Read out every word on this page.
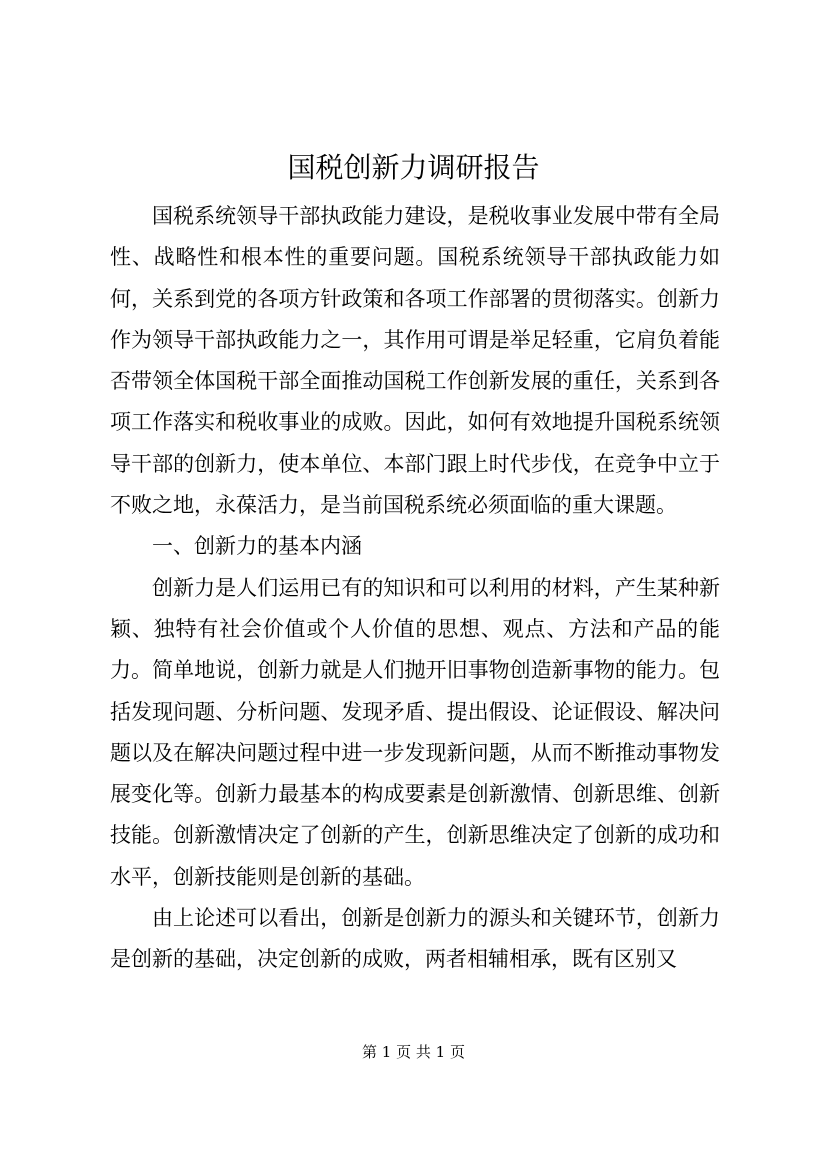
国税创新力调研报告

国税系统领导干部执政能力建设，是税收事业发展中带有全局性、战略性和根本性的重要问题。国税系统领导干部执政能力如何，关系到党的各项方针政策和各项工作部署的贯彻落实。创新力作为领导干部执政能力之一，其作用可谓是举足轻重，它肩负着能否带领全体国税干部全面推动国税工作创新发展的重任，关系到各项工作落实和税收事业的成败。因此，如何有效地提升国税系统领导干部的创新力，使本单位、本部门跟上时代步伐，在竞争中立于不败之地，永葆活力，是当前国税系统必须面临的重大课题。

一、创新力的基本内涵

创新力是人们运用已有的知识和可以利用的材料，产生某种新颖、独特有社会价值或个人价值的思想、观点、方法和产品的能力。简单地说，创新力就是人们抛开旧事物创造新事物的能力。包括发现问题、分析问题、发现矛盾、提出假设、论证假设、解决问题以及在解决问题过程中进一步发现新问题，从而不断推动事物发展变化等。创新力最基本的构成要素是创新激情、创新思维、创新技能。创新激情决定了创新的产生，创新思维决定了创新的成功和水平，创新技能则是创新的基础。

由上论述可以看出，创新是创新力的源头和关键环节，创新力是创新的基础，决定创新的成败，两者相辅相承，既有区别又

第 1 页 共 1 页
